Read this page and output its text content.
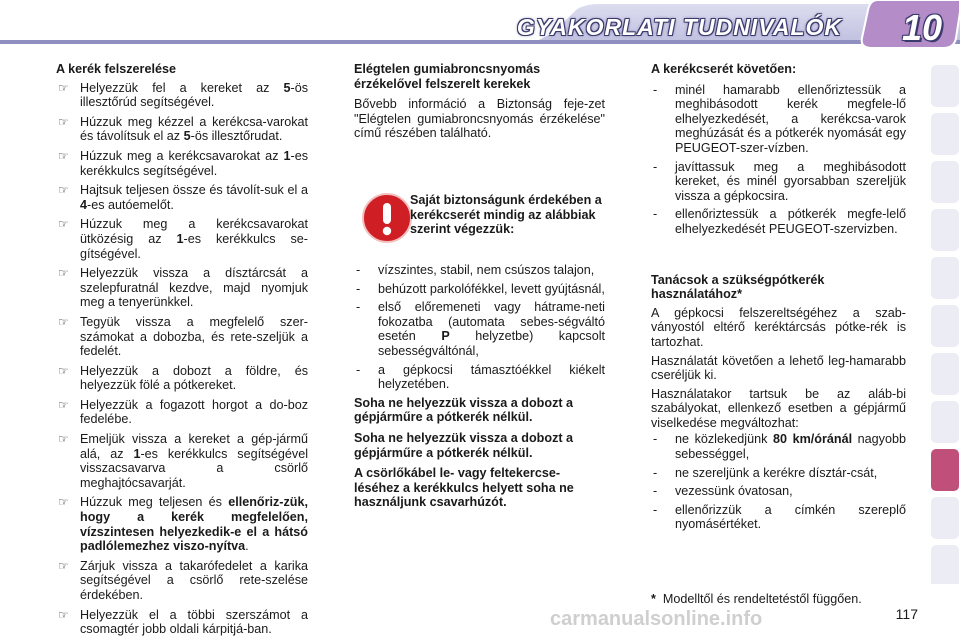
GYAKORLATI TUDNIVALÓK 10
A kerék felszerelése
☞ Helyezzük fel a kereket az 5-ös illesztőrúd segítségével.
☞ Húzzuk meg kézzel a kerékcsa-varokat és távolítsuk el az 5-ös illesztőrudat.
☞ Húzzuk meg a kerékcsavarokat az 1-es kerékkulcs segítségével.
☞ Hajtsuk teljesen össze és távolít-suk el a 4-es autóemelőt.
☞ Húzzuk meg a kerékcsavarokat ütközésig az 1-es kerékkulcs se-gítségével.
☞ Helyezzük vissza a dísztárcsát a szelepfuratnál kezdve, majd nyomjuk meg a tenyerünkkel.
☞ Tegyük vissza a megfelelő szer-számokat a dobozba, és rete-szeljük a fedelét.
☞ Helyezzük a dobozt a földre, és helyezzük fölé a pótkereket.
☞ Helyezzük a fogazott horgot a do-boz fedelébe.
☞ Emeljük vissza a kereket a gép-jármű alá, az 1-es kerékkulcs segítségével visszacsavarva a csörlő meghajtócsavarját.
☞ Húzzuk meg teljesen és ellenőriz-zük, hogy a kerék megfelelően, vízszintesen helyezkedik-e el a hátsó padlólemezhez viszo-nyítva.
☞ Zárjuk vissza a takarófedelet a karika segítségével a csörlő rete-szelése érdekében.
☞ Helyezzük el a többi szerszámot a csomagtér jobb oldali kárpitjá-ban.
Elégtelen gumiabroncsnyomás érzékelővel felszerelt kerekek

Bővebb információ a Biztonság feje-zet "Elégtelen gumiabroncsnyomás érzékelése" című részében található.

Saját biztonságunk érdekében a kerékcserét mindig az alábbiak szerint végezzük:
- vízszintes, stabil, nem csúszos talajon,
- behúzott parkolófékkel, levett gyújtásnál,
- első előremeneti vagy hátrame-neti fokozatba (automata sebes-ségváltó esetén P helyzetbe) kapcsolt sebességváltónál,
- a gépkocsi támasztóékkel kiékelt helyzetében.

Soha ne helyezzük vissza a dobozt a gépjárműre a pótkerék nélkül.

Soha ne helyezzük vissza a dobozt a gépjárműre a pótkerék nélkül.

A csörlőkábel le- vagy feltekercse-léséhez a kerékkulcs helyett soha ne használjunk csavarhúzót.

A kerékcserét követően:
- minél hamarabb ellenőriztessük a meghibásodott kerék megfele-lő elhelyezkedését, a kerékcsa-varok meghúzását és a pótkerék nyomását egy PEUGEOT-szer-vízben.
- javíttassuk meg a meghibásodott kereket, és minél gyorsabban szereljük vissza a gépkocsira.
- ellenőriztessük a pótkerék megfe-lelő elhelyezkedését PEUGEOT-szervizben.
Tanácsok a szükségpótkerék használatához*

A gépkocsi felszereltségéhez a szab-ványostól eltérő keréktárcsás pótke-rék is tartozhat.

Használatát követően a lehető leg-hamarabb cseréljük ki.

Használatakor tartsuk be az aláb-bi szabályokat, ellenkező esetben a gépjármű viselkedése megváltozhat:

- ne közlekedjünk 80 km/óránál nagyobb sebességgel,
- ne szereljünk a kerékre dísztár-csát,
- vezessünk óvatosan,
- ellenőrizzük a címkén szereplő nyomásértéket.
* Modelltől és rendeltetéstől függően.
carmanualsonline.info	117
